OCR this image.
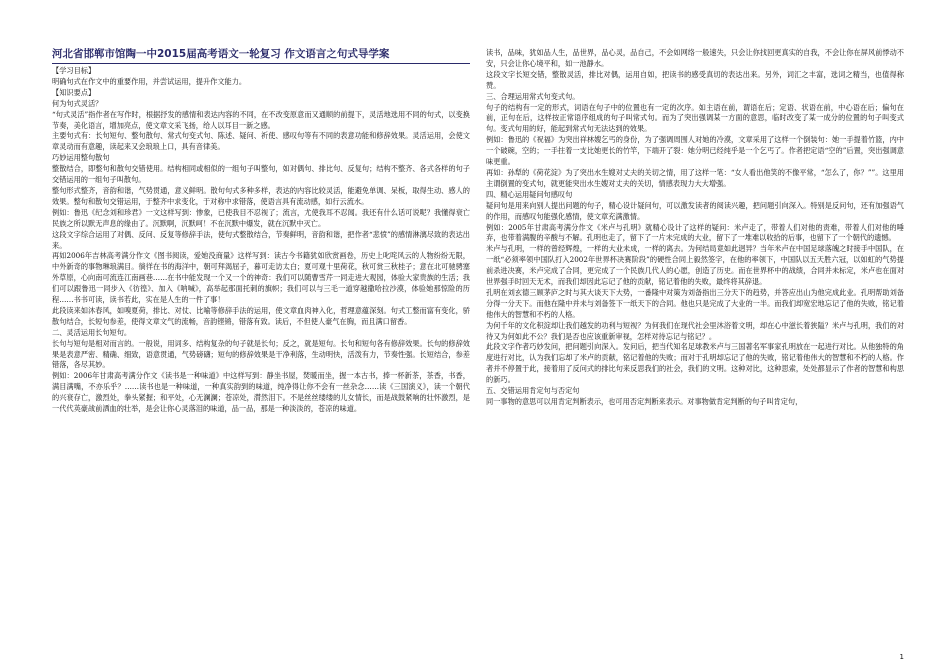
河北省邯郸市馆陶一中2015届高考语文一轮复习 作文语言之句式导学案
【学习目标】
明确句式在作文中的重要作用，并尝试运用，提升作文能力。
【知识要点】
何为句式灵活？
“句式灵活”指作者在写作时，根据抒发的感情和表达内容的不同，在不改变原意而又通顺的前提下，灵活地选用不同的句式，以变换节奏，美化语言，增加亮点，使文章文采飞扬，给人以耳目一新之感。
主要句式有：长句短句、整句散句、常式句变式句、陈述、疑问、祈使、感叹句等有不同的表意功能和修辞效果。灵活运用，会使文章灵动而有意趣，读起来又会琅琅上口，具有音律美。
巧妙运用整句散句
整散结合，即整句和散句交错使用。结构相同或相似的一组句子叫整句，如对偶句、排比句、反复句；结构不整齐、各式各样的句子交错运用的一组句子叫散句。
整句形式整齐，音韵和谐，气势贯通，意义鲜明。散句句式多种多样，表达的内容比较灵活，能避免单调、呆板，取得生动、感人的效果。整句和散句交错运用，于整齐中求变化，于对称中求错落，使语言具有流动感，如行云流水。
例如：鲁迅《纪念刘和珍君》一文这样写到：惨象，已使我目不忍视了；流言，尤使我耳不忍闻。我还有什么话可说呢？我懂得衰亡民族之所以默无声息的缘由了。沉默啊，沉默呵！不在沉默中爆发，就在沉默中灭亡。
这段文字综合运用了对偶、反问、反复等修辞手法，使句式整散结合，节奏鲜明，音韵和谐，把作者“悲愤”的感情淋漓尽致的表达出来。
再如2006年吉林高考满分作文《图书阅读，爱她没商量》这样写到：读古今书籍犹如欣赏画卷，历史上叱咤风云的人物纷纷无限，中外新奇的事物琳琅满目。徜徉在书的海洋中，朝可拜渴屈子，暮可走访太白；夏可观十里荷花，秋可赏三秋桂子；意在北可驰骋塞外草原，心向南可流连江南画巷……在书中能发现一个又一个的神奇：我们可以随曹雪芹一同走进大观园，体验大家贵族的生活；我们可以跟鲁迅一同步入《彷徨》、加入《呐喊》，高举起那面托刺的旗帜；我们可以与三毛一道穿越撒哈拉沙漠，体验她那惊险的历程……书书可读，读书若此，实在是人生的一件了事！
此段读来如沐春风，如嗅夏荷，排比、对仗、比喻等修辞手法的运用，使文章血肉神入化，哲理意蕴深刻。句式工整而富有变化，骄散句结合，长短句参差，使得文章文气的流畅，音韵铿锵，错落有致。读后，不但使人豪气在胸，而且满口留香。
二、灵活运用长句短句。
长句与短句是相对而言的。一般说，用词多、结构复杂的句子就是长句；反之，就是短句。长句和短句各有修辞效果。长句的修辞效果是表意严密、精确、细致，语意贯通，气势磅礴；短句的修辞效果是干净利落，生动明快，活泼有力，节奏性强。长短结合，参差错落，各尽其妙。
例如：2006年甘肃高考满分作文《读书是一种味道》中这样写到：静坐书屋，焚暖而坐，握一本古书，捧一杯新茶，茶香，书香，满目满嘴，不亦乐乎？……读书也是一种味道，一种真实韵到的味道，纯净得让你不会有一丝杂念……读《三国演义》，读一个朝代的兴衰存亡，激烈处，拳头紧握；和平处，心无澜澜；苍凉处，潸然泪下。不是丝丝缕缕的儿女情长，而是战鼓紧响的壮怀激烈，是一代代英豪战前洒血的壮举，是会让你心灵落泪的味道，品一品，那是一种淡淡的，苍凉的味道。
读书，品味，犹如品人生，品世界，品心灵，品自己，不会如网络一般速失，只会让你找回更真实的自我，不会让你在屏风前悸动不安，只会让你心境平和，如一池静水。
这段文字长短交错，整散灵活，排比对偶，运用自如，把读书的感受真切的表达出来。另外，词汇之丰富，选词之精当，也值得称赞。
三、合理运用常式句变式句。
句子的结构有一定的形式，词语在句子中的位置也有一定的次序。如主语在前，谓语在后；定语、状语在前，中心语在后；偏句在前，正句在后，这样按正常语序组成的句子叫常式句。而为了突出强调某一方面的意思，临时改变了某一成分的位置的句子叫变式句。变式句用的好，能起到常式句无法达到的效果。
例如：鲁迅的《祝福》为突出祥林嫂乞丐的身份，为了强调周围人对她的冷漠，文章采用了这样一个倒装句：她一手提着竹篮，内中一个破碗，空的；一手拄着一支比她更长的竹竿，下端开了裂：她分明已经纯乎是一个乞丐了。作者把定语“空的”后置，突出强调意味更重。
再如：孙犁的《荷花淀》为了突出水生嫂对丈夫的关切之情，用了这样一笔：“女人看出他笑的不像平常，“怎么了，你？””。这里用主谓倒置的变式句，就更能突出水生嫂对丈夫的关切，情感表现力大大增强。
四、精心运用疑问句感叹句
疑问句是用来向别人提出问题的句子，精心设计疑问句，可以激发读者的阅读兴趣，把问题引向深入。特别是反问句，还有加强语气的作用，而感叹句能强化感情，使文章充满激情。
例如：2005年甘肃高考满分作文《米卢与孔明》就精心设计了这样的疑问：米卢走了，带着人们对他的责难，带着人们对他的唾弃，也带着满腹的辛酸与不解。孔明也走了，留下了一片未完成的大业，留下了一堆难以收拾的后事，也留下了一个朝代的遗憾。
米卢与孔明，一样的曾经辉煌，一样的大业未成，一样的离去。为何结局竟如此迥异？当年米卢在中国足球落魄之时接手中国队，在一纸“必须率领中国队打入2002年世界杯决赛阶段”的硬性合同上毅然签字，在他的率领下，中国队以五天胜六冠，以如虹的气势提前杀进决赛，米卢完成了合同，更完成了一个民族几代人的心愿，创造了历史。而在世界杯中的战绩，合同并未标定，米卢也在面对世界强手时回天无术，而我们却因此忘记了他的贡献，铭记着他的失败，最终将其辞退。
孔明在刘玄德三顾茅庐之时与其大谈天下大势，一番隆中对策为刘备指出三分天下的趋势，并答应出山为他完成此业。孔明帮助刘备分得一分天下。而他在隆中并未与刘备签下一纸天下的合同。他也只是完成了大业的一半。而我们却宽宏地忘记了他的失败，铭记着他伟大的智慧和不朽的人格。
为何千年的文化积淀却让我们越发的功利与短视？为何我们在现代社会里沐浴着文明，却在心中滋长着狭隘？米卢与孔明，我们的对待又为何如此不公？我们是否也应该重新审视，怎样对待忘记与铭记？。
此段文字作者巧妙发问，把问题引向深入。发问后，把当代知名足球教米卢与三国著名军事家孔明放在一起进行对比。从他独特的角度进行对比，认为我们忘却了米卢的贡献，铭记着他的失败；而对于孔明却忘记了他的失败，铭记着他伟大的智慧和不朽的人格。作者并不停置于此，接着用了反问式的排比句来反思我们的社会，我们的文明。这种对比，这种思索，处处都显示了作者的智慧和构思的新巧。
五、交错运用肯定句与否定句
同一事物的意思可以用肯定判断表示，也可用否定判断来表示。对事物做肯定判断的句子叫肯定句，
1
